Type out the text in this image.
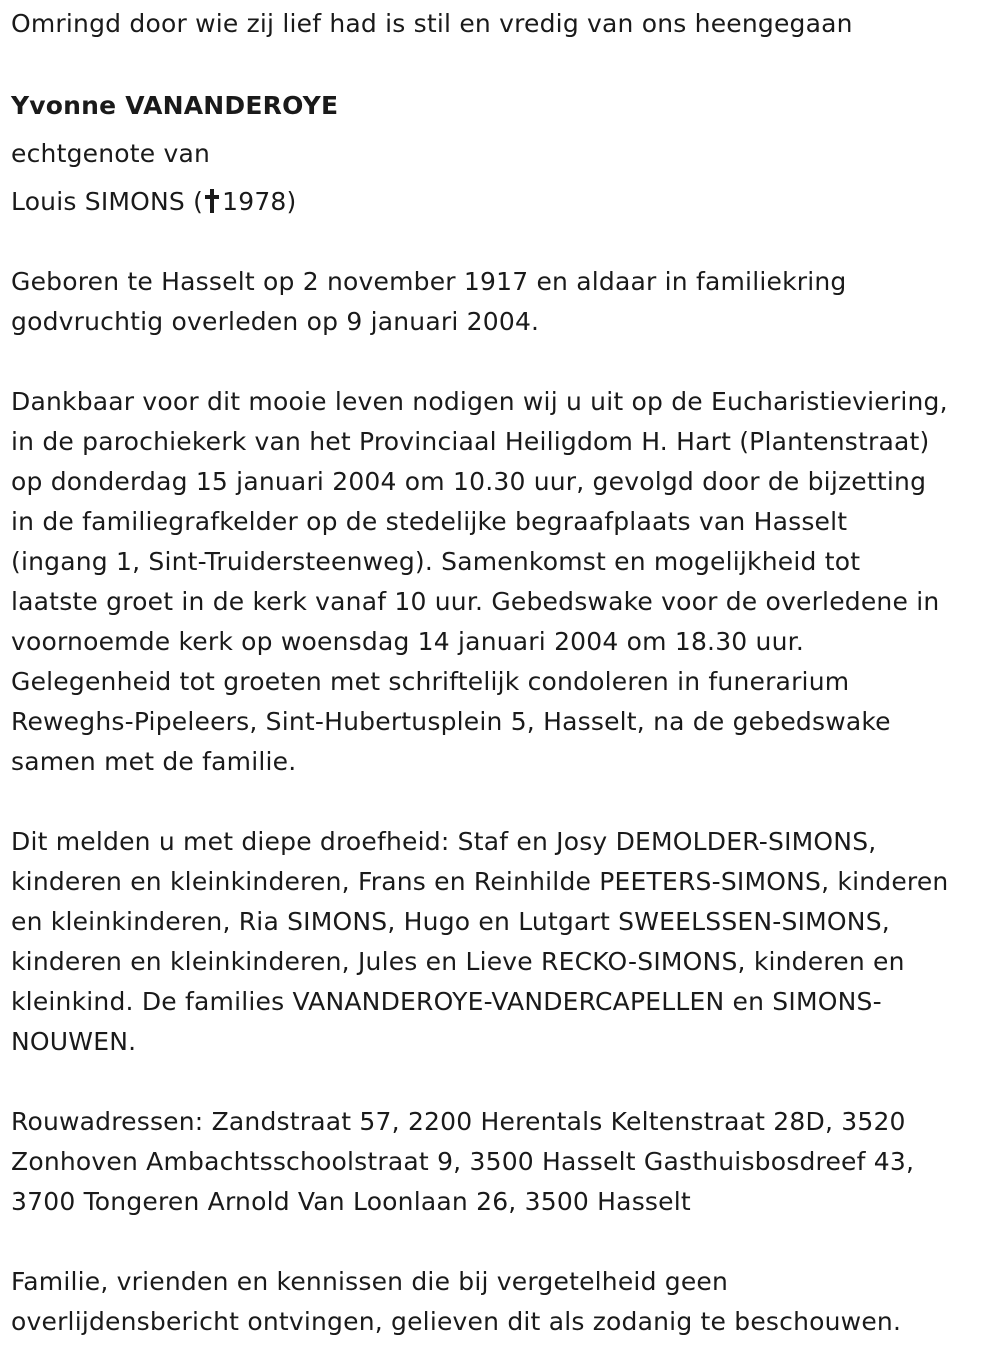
Omringd door wie zij lief had is stil en vredig van ons heengegaan
Yvonne VANANDEROYE
echtgenote van
Louis SIMONS ( 1978)
Geboren te Hasselt op 2 november 1917 en aldaar in familiekring
godvruchtig overleden op 9 januari 2004.
Dankbaar voor dit mooie leven nodigen wij u uit op de Eucharistieviering,
in de parochiekerk van het Provinciaal Heiligdom H. Hart (Plantenstraat)
op donderdag 15 januari 2004 om 10.30 uur, gevolgd door de bijzetting
in de familiegrafkelder op de stedelijke begraafplaats van Hasselt
(ingang 1, Sint-Truidersteenweg). Samenkomst en mogelijkheid tot
laatste groet in de kerk vanaf 10 uur. Gebedswake voor de overledene in
voornoemde kerk op woensdag 14 januari 2004 om 18.30 uur.
Gelegenheid tot groeten met schriftelijk condoleren in funerarium
Reweghs-Pipeleers, Sint-Hubertusplein 5, Hasselt, na de gebedswake
samen met de familie.
Dit melden u met diepe droefheid: Staf en Josy DEMOLDER-SIMONS,
kinderen en kleinkinderen, Frans en Reinhilde PEETERS-SIMONS, kinderen
en kleinkinderen, Ria SIMONS, Hugo en Lutgart SWEELSSEN-SIMONS,
kinderen en kleinkinderen, Jules en Lieve RECKO-SIMONS, kinderen en
kleinkind. De families VANANDEROYE-VANDERCAPELLEN en SIMONS-
NOUWEN.
Rouwadressen: Zandstraat 57, 2200 Herentals Keltenstraat 28D, 3520
Zonhoven Ambachtsschoolstraat 9, 3500 Hasselt Gasthuisbosdreef 43,
3700 Tongeren Arnold Van Loonlaan 26, 3500 Hasselt
Familie, vrienden en kennissen die bij vergetelheid geen
overlijdensbericht ontvingen, gelieven dit als zodanig te beschouwen.
